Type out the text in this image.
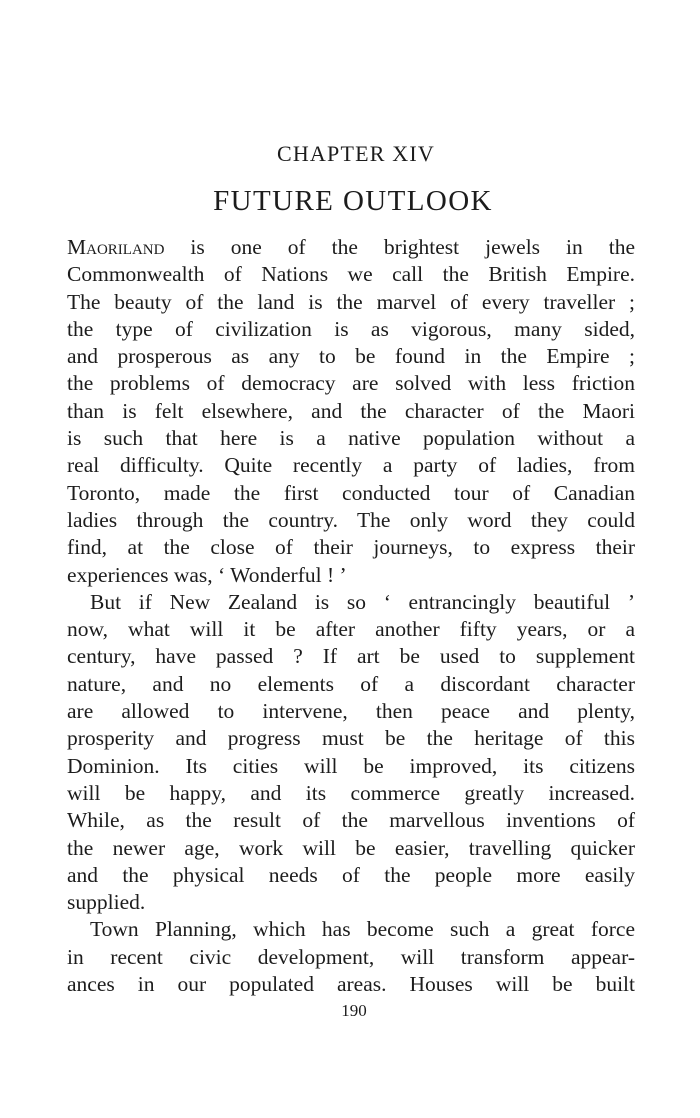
CHAPTER XIV
FUTURE OUTLOOK
Maoriland is one of the brightest jewels in the
Commonwealth of Nations we call the British Empire.
The beauty of the land is the marvel of every traveller ;
the type of civilization is as vigorous, many sided,
and prosperous as any to be found in the Empire ;
the problems of democracy are solved with less friction
than is felt elsewhere, and the character of the Maori
is such that here is a native population without a
real difficulty. Quite recently a party of ladies, from
Toronto, made the first conducted tour of Canadian
ladies through the country. The only word they could
find, at the close of their journeys, to express their
experiences was, ‘ Wonderful ! ’
But if New Zealand is so ‘ entrancingly beautiful ’
now, what will it be after another fifty years, or a
century, have passed ? If art be used to supplement
nature, and no elements of a discordant character
are allowed to intervene, then peace and plenty,
prosperity and progress must be the heritage of this
Dominion. Its cities will be improved, its citizens
will be happy, and its commerce greatly increased.
While, as the result of the marvellous inventions of
the newer age, work will be easier, travelling quicker
and the physical needs of the people more easily
supplied.
Town Planning, which has become such a great force
in recent civic development, will transform appear-
ances in our populated areas. Houses will be built
190
